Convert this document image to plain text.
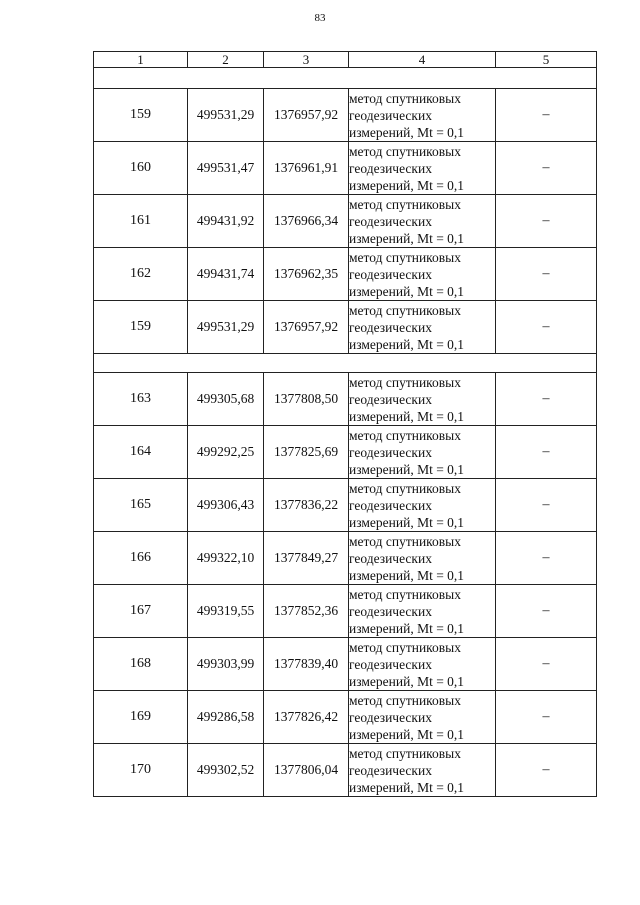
83
1	2	3	4	5

159	499531,29	1376957,92	метод спутниковых
геодезических
измерений, Mt = 0,1	–
160	499531,47	1376961,91	метод спутниковых
геодезических
измерений, Mt = 0,1	–
161	499431,92	1376966,34	метод спутниковых
геодезических
измерений, Mt = 0,1	–
162	499431,74	1376962,35	метод спутниковых
геодезических
измерений, Mt = 0,1	–
159	499531,29	1376957,92	метод спутниковых
геодезических
измерений, Mt = 0,1	–

163	499305,68	1377808,50	метод спутниковых
геодезических
измерений, Mt = 0,1	–
164	499292,25	1377825,69	метод спутниковых
геодезических
измерений, Mt = 0,1	–
165	499306,43	1377836,22	метод спутниковых
геодезических
измерений, Mt = 0,1	–
166	499322,10	1377849,27	метод спутниковых
геодезических
измерений, Mt = 0,1	–
167	499319,55	1377852,36	метод спутниковых
геодезических
измерений, Mt = 0,1	–
168	499303,99	1377839,40	метод спутниковых
геодезических
измерений, Mt = 0,1	–
169	499286,58	1377826,42	метод спутниковых
геодезических
измерений, Mt = 0,1	–
170	499302,52	1377806,04	метод спутниковых
геодезических
измерений, Mt = 0,1	–
